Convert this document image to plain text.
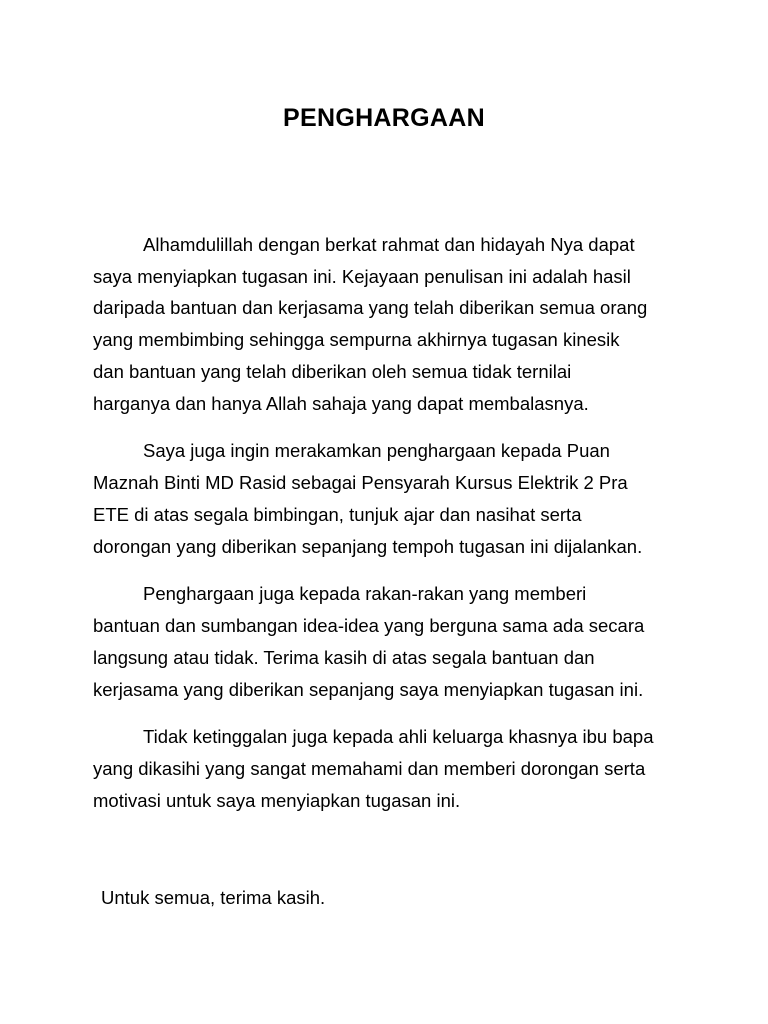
PENGHARGAAN

Alhamdulillah dengan berkat rahmat dan hidayah Nya dapat

saya menyiapkan tugasan ini. Kejayaan penulisan ini adalah hasil

daripada bantuan dan kerjasama yang telah diberikan semua orang

yang membimbing sehingga sempurna akhirnya tugasan kinesik

dan bantuan yang telah diberikan oleh semua tidak ternilai

harganya dan hanya Allah sahaja yang dapat membalasnya.

Saya juga ingin merakamkan penghargaan kepada Puan

Maznah Binti MD Rasid sebagai Pensyarah Kursus Elektrik 2 Pra

ETE di atas segala bimbingan, tunjuk ajar dan nasihat serta

dorongan yang diberikan sepanjang tempoh tugasan ini dijalankan.

Penghargaan juga kepada rakan-rakan yang memberi

bantuan dan sumbangan idea-idea yang berguna sama ada secara

langsung atau tidak. Terima kasih di atas segala bantuan dan

kerjasama yang diberikan sepanjang saya menyiapkan tugasan ini.

Tidak ketinggalan juga kepada ahli keluarga khasnya ibu bapa

yang dikasihi yang sangat memahami dan memberi dorongan serta

motivasi untuk saya menyiapkan tugasan ini.

Untuk semua, terima kasih.
